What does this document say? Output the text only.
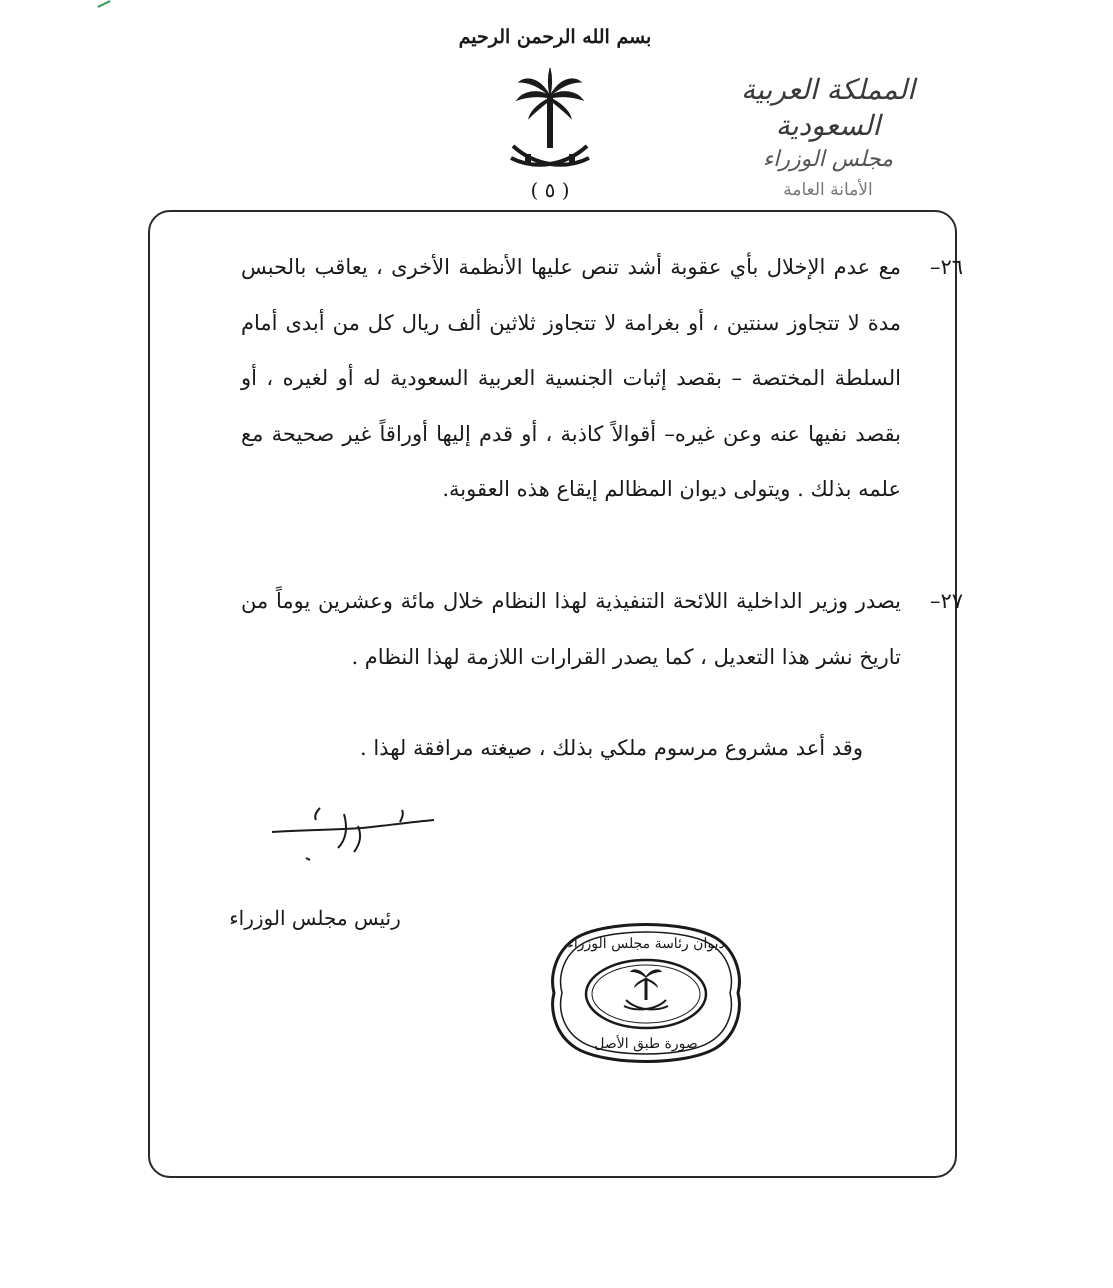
بسم الله الرحمن الرحيم
( ٥ )
المملكة العربية السعودية
مجلس الوزراء
الأمانة العامة
٢٦–
مع عدم الإخلال بأي عقوبة أشد تنص عليها الأنظمة الأخرى ، يعاقب بالحبس مدة لا تتجاوز سنتين ، أو بغرامة لا تتجاوز ثلاثين ألف ريال كل من أبدى أمام السلطة المختصة – بقصد إثبات الجنسية العربية السعودية له أو لغيره ، أو بقصد نفيها عنه وعن غيره– أقوالاً كاذبة ، أو قدم إليها أوراقاً غير صحيحة مع علمه بذلك . ويتولى ديوان المظالم إيقاع هذه العقوبة.
٢٧–
يصدر وزير الداخلية اللائحة التنفيذية لهذا النظام خلال مائة وعشرين يوماً من تاريخ نشر هذا التعديل ، كما يصدر القرارات اللازمة لهذا النظام .
وقد أعد مشروع مرسوم ملكي بذلك ، صيغته مرافقة لهذا .
رئيس مجلس الوزراء
ديوان رئاسة مجلس الوزراء
صورة طبق الأصل
